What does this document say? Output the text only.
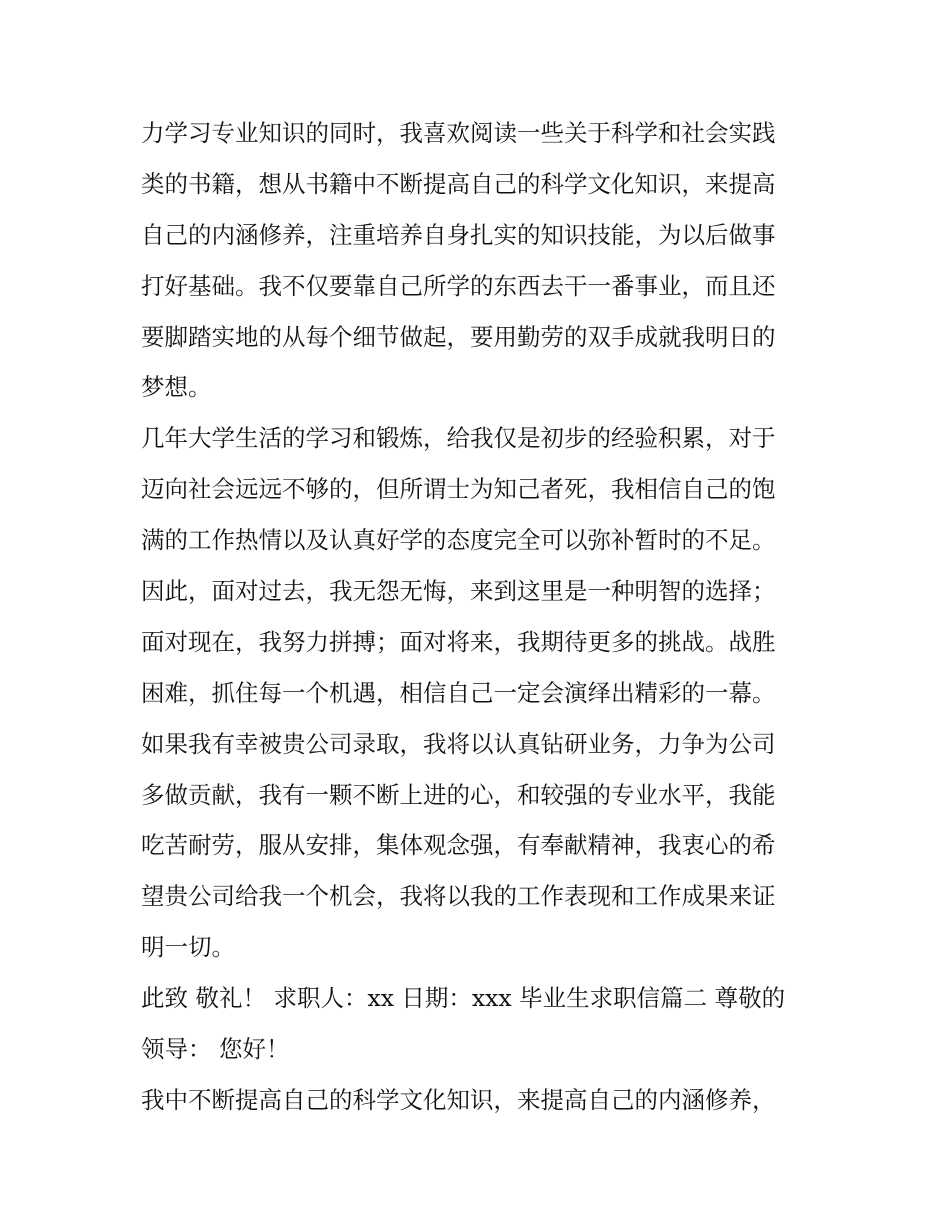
力学习专业知识的同时，我喜欢阅读一些关于科学和社会实践
类的书籍，想从书籍中不断提高自己的科学文化知识，来提高
自己的内涵修养，注重培养自身扎实的知识技能，为以后做事
打好基础。我不仅要靠自己所学的东西去干一番事业，而且还
要脚踏实地的从每个细节做起，要用勤劳的双手成就我明日的
梦想。
几年大学生活的学习和锻炼，给我仅是初步的经验积累，对于
迈向社会远远不够的，但所谓士为知己者死，我相信自己的饱
满的工作热情以及认真好学的态度完全可以弥补暂时的不足。
因此，面对过去，我无怨无悔，来到这里是一种明智的选择；
面对现在，我努力拼搏；面对将来，我期待更多的挑战。战胜
困难，抓住每一个机遇，相信自己一定会演绎出精彩的一幕。
如果我有幸被贵公司录取，我将以认真钻研业务，力争为公司
多做贡献，我有一颗不断上进的心，和较强的专业水平，我能
吃苦耐劳，服从安排，集体观念强，有奉献精神，我衷心的希
望贵公司给我一个机会，我将以我的工作表现和工作成果来证
明一切。
此致 敬礼！ 求职人：xx 日期：xxx 毕业生求职信篇二 尊敬的
领导： 您好！
我中不断提高自己的科学文化知识，来提高自己的内涵修养，
